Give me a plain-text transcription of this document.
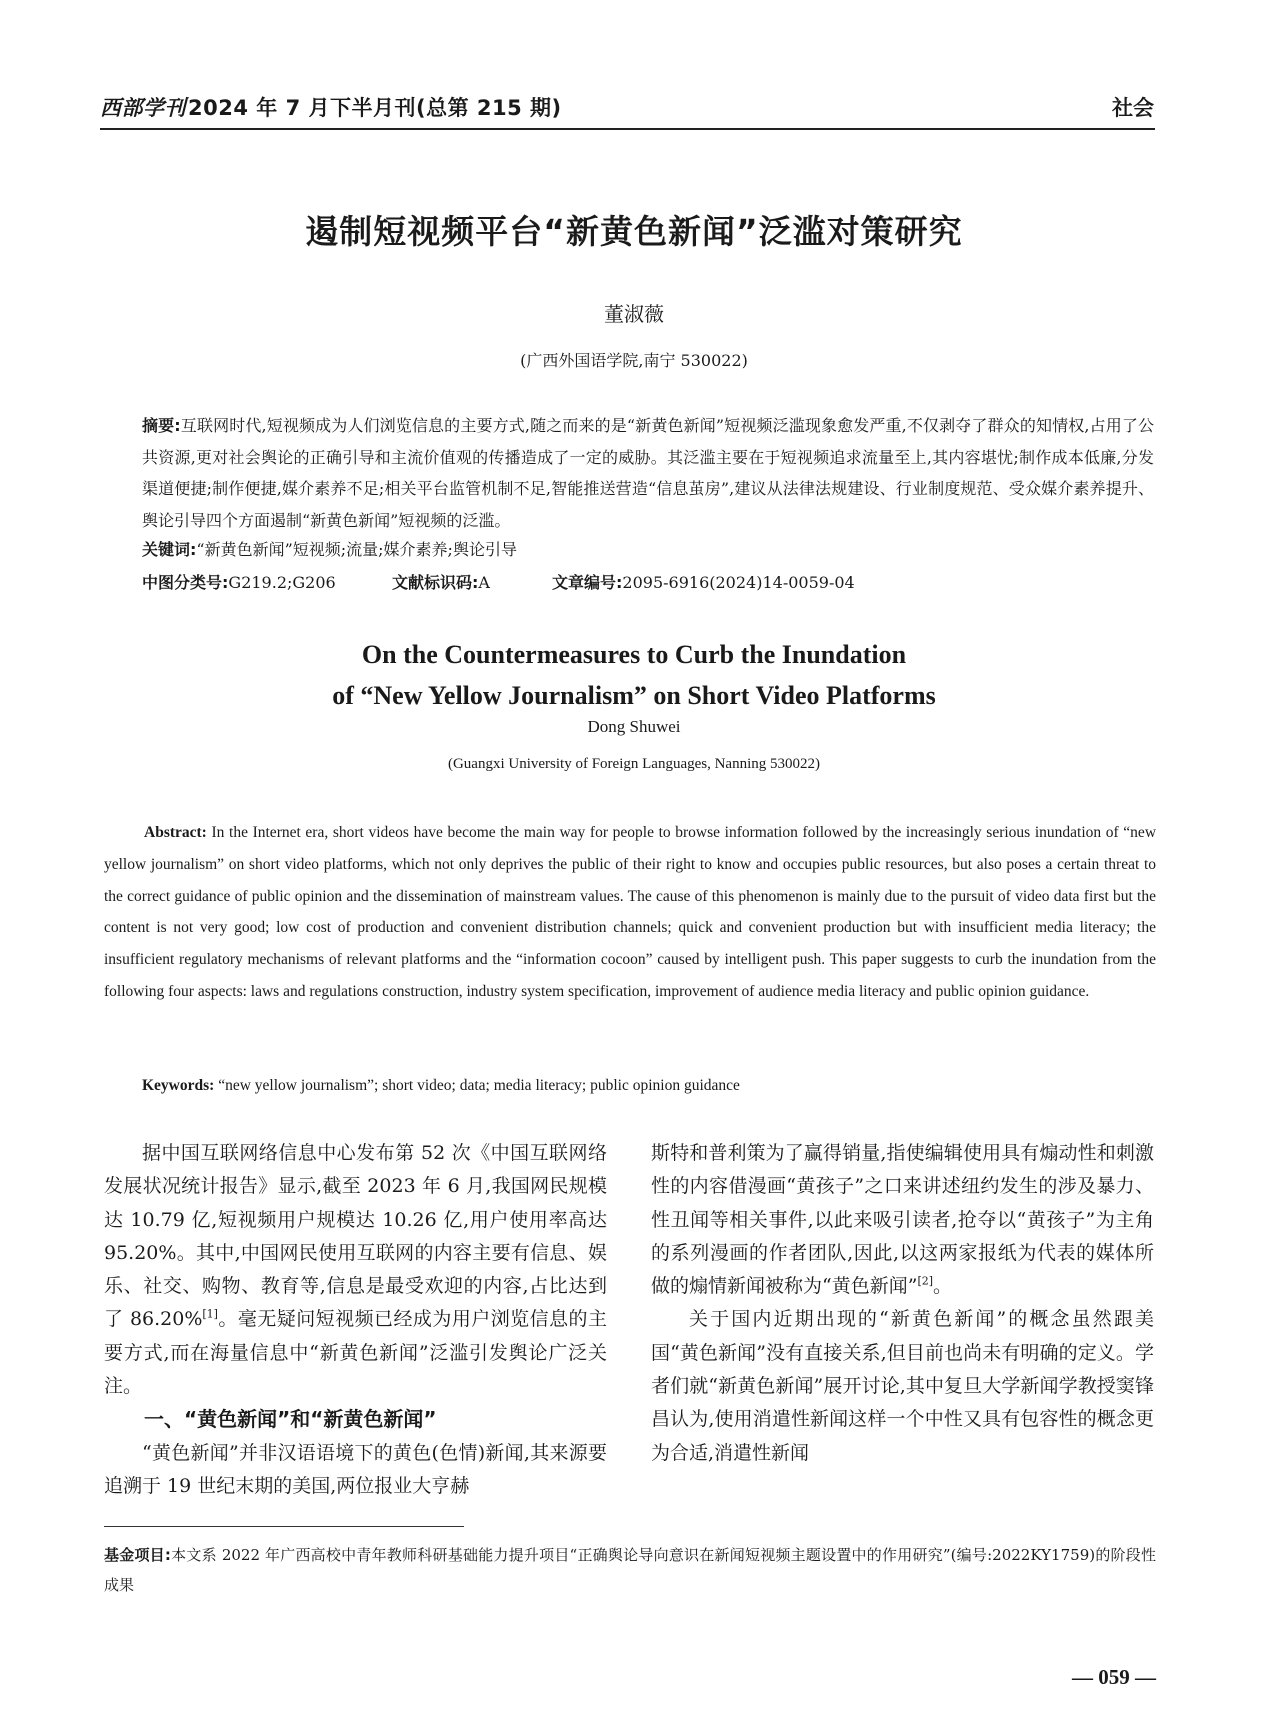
西部学刊2024 年 7 月下半月刊(总第 215 期)	社会
遏制短视频平台“新黄色新闻”泛滥对策研究
董淑薇
(广西外国语学院,南宁 530022)
摘要:互联网时代,短视频成为人们浏览信息的主要方式,随之而来的是“新黄色新闻”短视频泛滥现象愈发严重,不仅剥夺了群众的知情权,占用了公共资源,更对社会舆论的正确引导和主流价值观的传播造成了一定的威胁。其泛滥主要在于短视频追求流量至上,其内容堪忧;制作成本低廉,分发渠道便捷;制作便捷,媒介素养不足;相关平台监管机制不足,智能推送营造“信息茧房”,建议从法律法规建设、行业制度规范、受众媒介素养提升、舆论引导四个方面遏制“新黄色新闻”短视频的泛滥。
关键词:“新黄色新闻”短视频;流量;媒介素养;舆论引导
中图分类号:G219.2;G206	文献标识码:A	文章编号:2095-6916(2024)14-0059-04
On the Countermeasures to Curb the Inundation
of “New Yellow Journalism” on Short Video Platforms
Dong Shuwei
(Guangxi University of Foreign Languages, Nanning 530022)
Abstract: In the Internet era, short videos have become the main way for people to browse information followed by the increasingly serious inundation of “new yellow journalism” on short video platforms, which not only deprives the public of their right to know and occupies public resources, but also poses a certain threat to the correct guidance of public opinion and the dissemination of mainstream values. The cause of this phenomenon is mainly due to the pursuit of video data first but the content is not very good; low cost of production and convenient distribution channels; quick and convenient production but with insufficient media literacy; the insufficient regulatory mechanisms of relevant platforms and the “information cocoon” caused by intelligent push. This paper suggests to curb the inundation from the following four aspects: laws and regulations construction, industry system specification, improvement of audience media literacy and public opinion guidance.
Keywords: “new yellow journalism”; short video; data; media literacy; public opinion guidance

据中国互联网络信息中心发布第 52 次《中国互联网络发展状况统计报告》显示,截至 2023 年 6 月,我国网民规模达 10.79 亿,短视频用户规模达 10.26 亿,用户使用率高达 95.20%。其中,中国网民使用互联网的内容主要有信息、娱乐、社交、购物、教育等,信息是最受欢迎的内容,占比达到了 86.20%[1]。毫无疑问短视频已经成为用户浏览信息的主要方式,而在海量信息中“新黄色新闻”泛滥引发舆论广泛关注。

一、“黄色新闻”和“新黄色新闻”

“黄色新闻”并非汉语语境下的黄色(色情)新闻,其来源要追溯于 19 世纪末期的美国,两位报业大亨赫

斯特和普利策为了赢得销量,指使编辑使用具有煽动性和刺激性的内容借漫画“黄孩子”之口来讲述纽约发生的涉及暴力、性丑闻等相关事件,以此来吸引读者,抢夺以“黄孩子”为主角的系列漫画的作者团队,因此,以这两家报纸为代表的媒体所做的煽情新闻被称为“黄色新闻”[2]。

关于国内近期出现的“新黄色新闻”的概念虽然跟美国“黄色新闻”没有直接关系,但目前也尚未有明确的定义。学者们就“新黄色新闻”展开讨论,其中复旦大学新闻学教授窦锋昌认为,使用消遣性新闻这样一个中性又具有包容性的概念更为合适,消遣性新闻

基金项目:本文系 2022 年广西高校中青年教师科研基础能力提升项目“正确舆论导向意识在新闻短视频主题设置中的作用研究”(编号:2022KY1759)的阶段性成果
— 059 —
